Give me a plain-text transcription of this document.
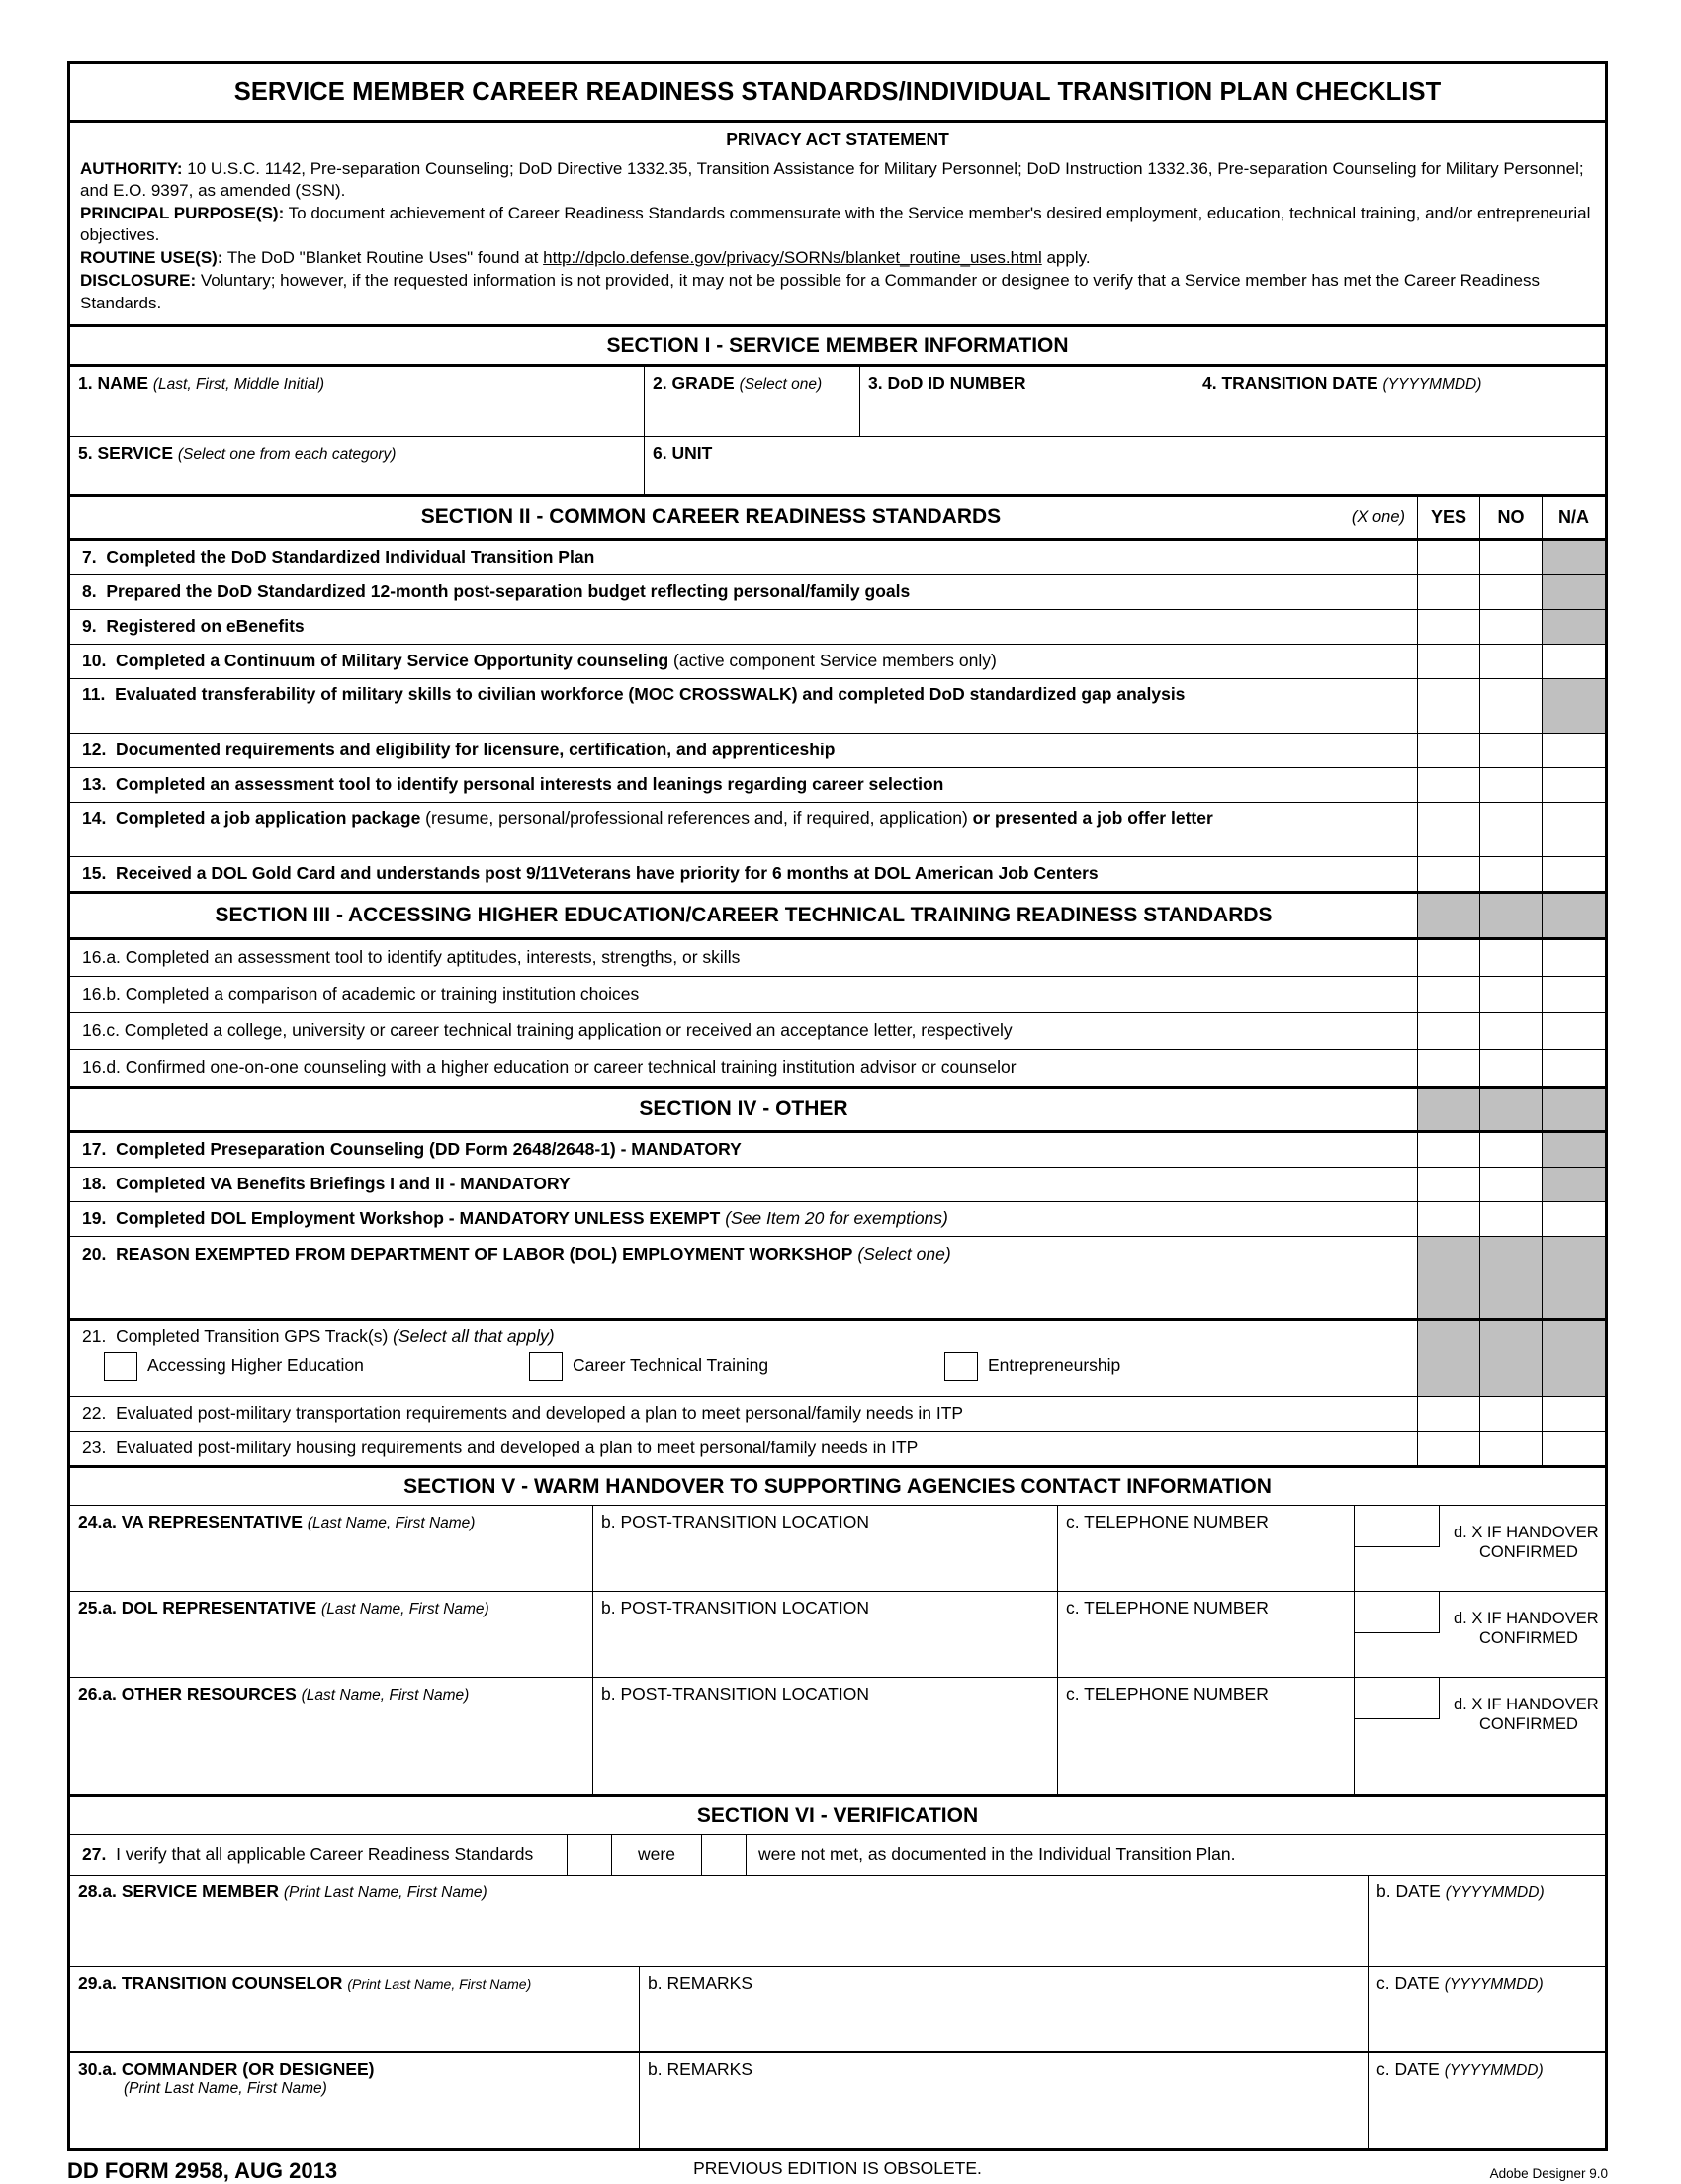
SERVICE MEMBER CAREER READINESS STANDARDS/INDIVIDUAL TRANSITION PLAN CHECKLIST
PRIVACY ACT STATEMENT

AUTHORITY: 10 U.S.C. 1142, Pre-separation Counseling; DoD Directive 1332.35, Transition Assistance for Military Personnel; DoD Instruction 1332.36, Pre-separation Counseling for Military Personnel; and E.O. 9397, as amended (SSN).

PRINCIPAL PURPOSE(S): To document achievement of Career Readiness Standards commensurate with the Service member's desired employment, education, technical training, and/or entrepreneurial objectives.

ROUTINE USE(S): The DoD "Blanket Routine Uses" found at http://dpclo.defense.gov/privacy/SORNs/blanket_routine_uses.html apply.

DISCLOSURE: Voluntary; however, if the requested information is not provided, it may not be possible for a Commander or designee to verify that a Service member has met the Career Readiness Standards.

SECTION I - SERVICE MEMBER INFORMATION
1. NAME (Last, First, Middle Initial)	2. GRADE (Select one)	3. DoD ID NUMBER	4. TRANSITION DATE (YYYYMMDD)
5. SERVICE (Select one from each category)	6. UNIT
SECTION II - COMMON CAREER READINESS STANDARDS	(X one)	YES	NO	N/A
7.  Completed the DoD Standardized Individual Transition Plan
8.  Prepared the DoD Standardized 12-month post-separation budget reflecting personal/family goals
9.  Registered on eBenefits
10.  Completed a Continuum of Military Service Opportunity counseling (active component Service members only)
11.  Evaluated transferability of military skills to civilian workforce (MOC CROSSWALK) and completed DoD standardized gap analysis
12.  Documented requirements and eligibility for licensure, certification, and apprenticeship
13.  Completed an assessment tool to identify personal interests and leanings regarding career selection
14.  Completed a job application package (resume, personal/professional references and, if required, application) or presented a job offer letter
15.  Received a DOL Gold Card and understands post 9/11Veterans have priority for 6 months at DOL American Job Centers
SECTION III - ACCESSING HIGHER EDUCATION/CAREER TECHNICAL TRAINING READINESS STANDARDS
16.a. Completed an assessment tool to identify aptitudes, interests, strengths, or skills
16.b. Completed a comparison of academic or training institution choices
16.c. Completed a college, university or career technical training application or received an acceptance letter, respectively
16.d. Confirmed one-on-one counseling with a higher education or career technical training institution advisor or counselor
SECTION IV - OTHER
17. Completed Preseparation Counseling (DD Form 2648/2648-1) - MANDATORY
18. Completed VA Benefits Briefings I and II - MANDATORY
19. Completed DOL Employment Workshop - MANDATORY UNLESS EXEMPT (See Item 20 for exemptions)
20. REASON EXEMPTED FROM DEPARTMENT OF LABOR (DOL) EMPLOYMENT WORKSHOP (Select one)
21. Completed Transition GPS Track(s) (Select all that apply)
Accessing Higher Education	Career Technical Training	Entrepreneurship
22. Evaluated post-military transportation requirements and developed a plan to meet personal/family needs in ITP
23. Evaluated post-military housing requirements and developed a plan to meet personal/family needs in ITP
SECTION V - WARM HANDOVER TO SUPPORTING AGENCIES CONTACT INFORMATION
24.a. VA REPRESENTATIVE (Last Name, First Name)	b. POST-TRANSITION LOCATION	c. TELEPHONE NUMBER
d. X IF HANDOVER
CONFIRMED
25.a. DOL REPRESENTATIVE (Last Name, First Name)	b. POST-TRANSITION LOCATION	c. TELEPHONE NUMBER
d. X IF HANDOVER
CONFIRMED
26.a. OTHER RESOURCES (Last Name, First Name)	b. POST-TRANSITION LOCATION	c. TELEPHONE NUMBER
d. X IF HANDOVER
CONFIRMED
SECTION VI - VERIFICATION
27. I verify that all applicable Career Readiness Standards	were	were not met, as documented in the Individual Transition Plan.
28.a. SERVICE MEMBER (Print Last Name, First Name)	b. DATE (YYYYMMDD)
29.a. TRANSITION COUNSELOR (Print Last Name, First Name)	b. REMARKS	c. DATE (YYYYMMDD)
30.a. COMMANDER (OR DESIGNEE)
(Print Last Name, First Name)
b. REMARKS	c. DATE (YYYYMMDD)
DD FORM 2958, AUG 2013	PREVIOUS EDITION IS OBSOLETE.	Adobe Designer 9.0
